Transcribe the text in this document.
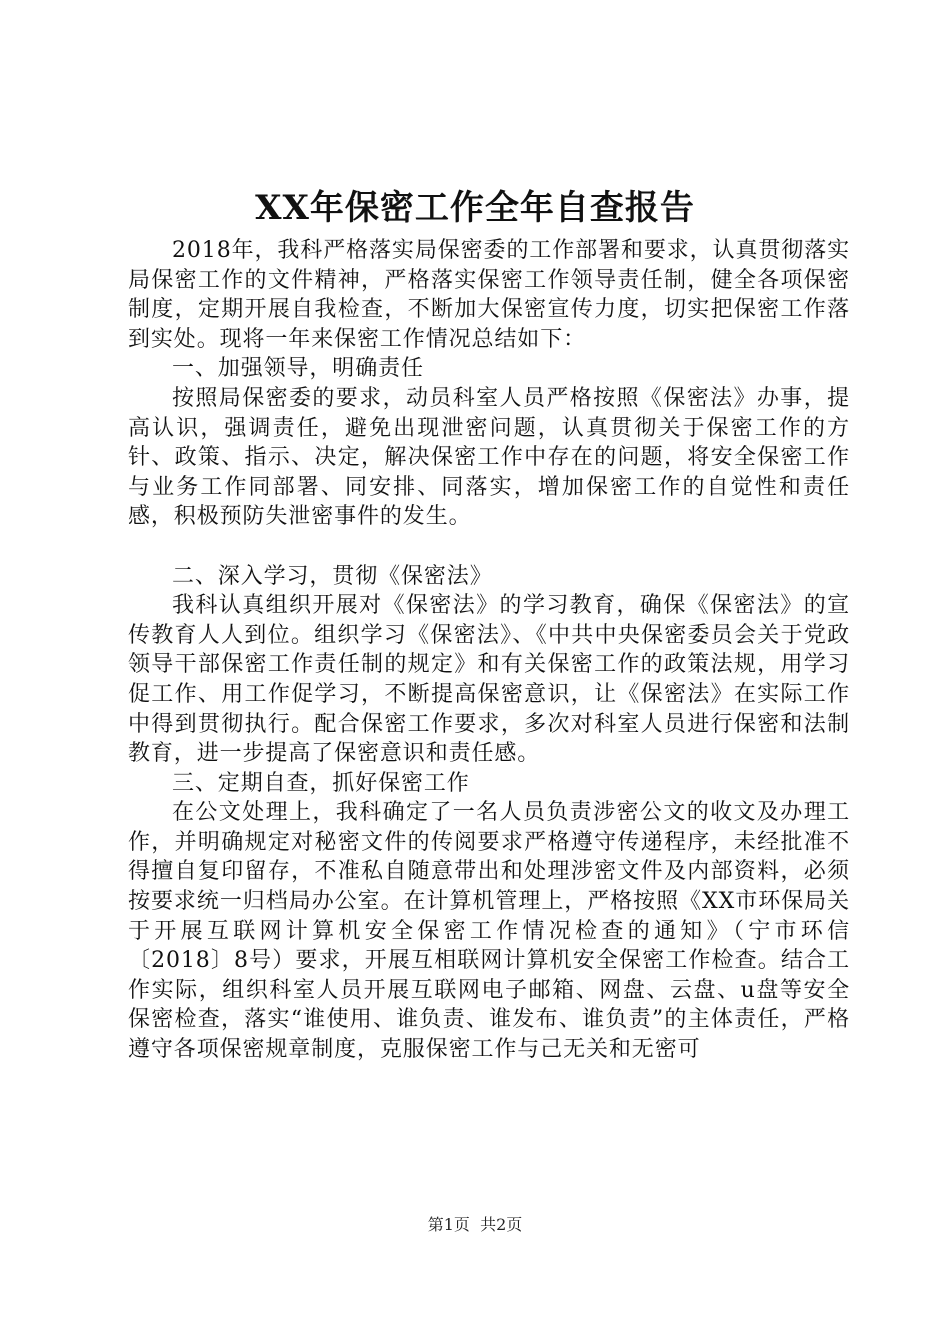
XX年保密工作全年自查报告

2018年，我科严格落实局保密委的工作部署和要求，认真贯彻落实局保密工作的文件精神，严格落实保密工作领导责任制，健全各项保密制度，定期开展自我检查，不断加大保密宣传力度，切实把保密工作落到实处。现将一年来保密工作情况总结如下：

一、加强领导，明确责任

按照局保密委的要求，动员科室人员严格按照《保密法》办事，提高认识，强调责任，避免出现泄密问题，认真贯彻关于保密工作的方针、政策、指示、决定，解决保密工作中存在的问题，将安全保密工作与业务工作同部署、同安排、同落实，增加保密工作的自觉性和责任感，积极预防失泄密事件的发生。

二、深入学习，贯彻《保密法》

我科认真组织开展对《保密法》的学习教育，确保《保密法》的宣传教育人人到位。组织学习《保密法》、《中共中央保密委员会关于党政领导干部保密工作责任制的规定》和有关保密工作的政策法规，用学习促工作、用工作促学习，不断提高保密意识，让《保密法》在实际工作中得到贯彻执行。配合保密工作要求，多次对科室人员进行保密和法制教育，进一步提高了保密意识和责任感。

三、定期自查，抓好保密工作

在公文处理上，我科确定了一名人员负责涉密公文的收文及办理工作，并明确规定对秘密文件的传阅要求严格遵守传递程序，未经批准不得擅自复印留存，不准私自随意带出和处理涉密文件及内部资料，必须按要求统一归档局办公室。在计算机管理上，严格按照《XX市环保局关于开展互联网计算机安全保密工作情况检查的通知》（宁市环信〔2018〕8号）要求，开展互相联网计算机安全保密工作检查。结合工作实际，组织科室人员开展互联网电子邮箱、网盘、云盘、u盘等安全保密检查，落实“谁使用、谁负责、谁发布、谁负责”的主体责任，严格遵守各项保密规章制度，克服保密工作与己无关和无密可

第1页 共2页
